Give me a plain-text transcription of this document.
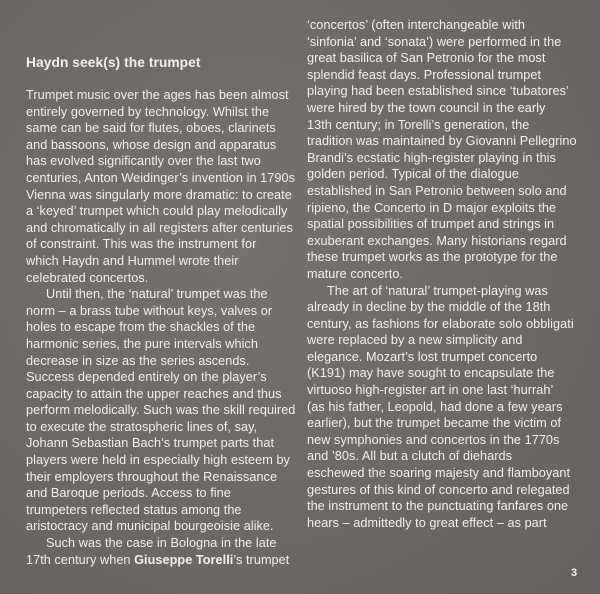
Haydn seek(s) the trumpet
Trumpet music over the ages has been almost
entirely governed by technology. Whilst the
same can be said for flutes, oboes, clarinets
and bassoons, whose design and apparatus
has evolved significantly over the last two
centuries, Anton Weidinger’s invention in 1790s
Vienna was singularly more dramatic: to create
a ‘keyed’ trumpet which could play melodically
and chromatically in all registers after centuries
of constraint. This was the instrument for
which Haydn and Hummel wrote their
celebrated concertos.
Until then, the ‘natural’ trumpet was the
norm – a brass tube without keys, valves or
holes to escape from the shackles of the
harmonic series, the pure intervals which
decrease in size as the series ascends.
Success depended entirely on the player’s
capacity to attain the upper reaches and thus
perform melodically. Such was the skill required
to execute the stratospheric lines of, say,
Johann Sebastian Bach’s trumpet parts that
players were held in especially high esteem by
their employers throughout the Renaissance
and Baroque periods. Access to fine
trumpeters reflected status among the
aristocracy and municipal bourgeoisie alike.
Such was the case in Bologna in the late
17th century when Giuseppe Torelli’s trumpet
‘concertos’ (often interchangeable with
‘sinfonia’ and ‘sonata’) were performed in the
great basilica of San Petronio for the most
splendid feast days. Professional trumpet
playing had been established since ‘tubatores’
were hired by the town council in the early
13th century; in Torelli’s generation, the
tradition was maintained by Giovanni Pellegrino
Brandi’s ecstatic high-register playing in this
golden period. Typical of the dialogue
established in San Petronio between solo and
ripieno, the Concerto in D major exploits the
spatial possibilities of trumpet and strings in
exuberant exchanges. Many historians regard
these trumpet works as the prototype for the
mature concerto.
The art of ‘natural’ trumpet-playing was
already in decline by the middle of the 18th
century, as fashions for elaborate solo obbligati
were replaced by a new simplicity and
elegance. Mozart’s lost trumpet concerto
(K191) may have sought to encapsulate the
virtuoso high-register art in one last ‘hurrah’
(as his father, Leopold, had done a few years
earlier), but the trumpet became the victim of
new symphonies and concertos in the 1770s
and ’80s. All but a clutch of diehards
eschewed the soaring majesty and flamboyant
gestures of this kind of concerto and relegated
the instrument to the punctuating fanfares one
hears – admittedly to great effect – as part
3
